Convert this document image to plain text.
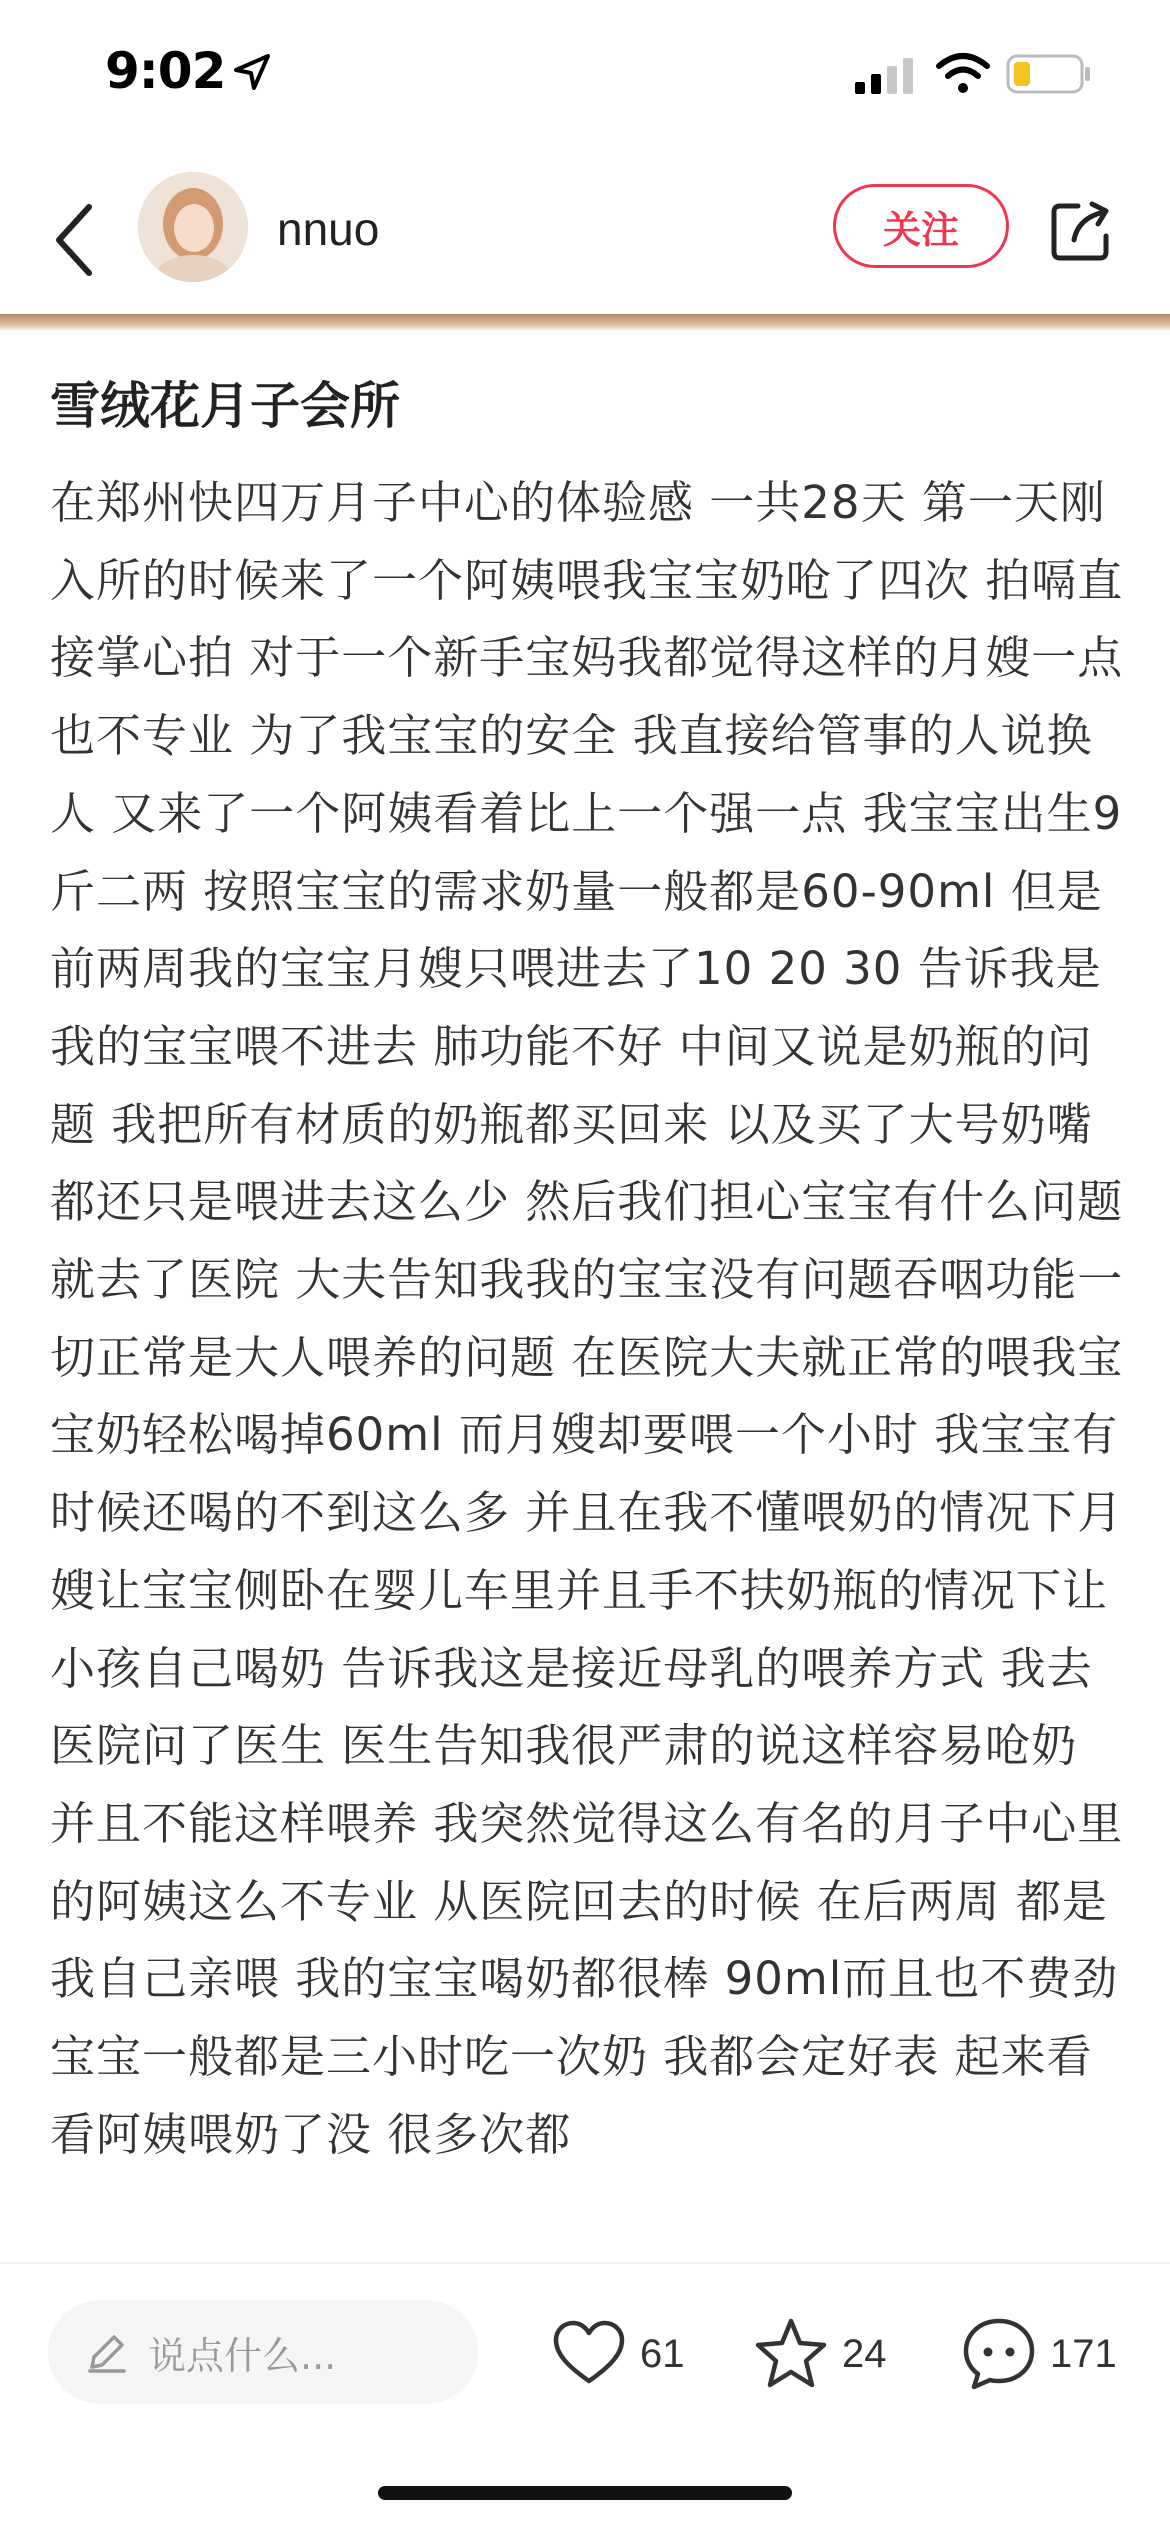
9:02
nnuo	关注
雪绒花月子会所
在郑州快四万月子中心的体验感 一共28天 第一天刚入所的时候来了一个阿姨喂我宝宝奶呛了四次 拍嗝直接掌心拍 对于一个新手宝妈我都觉得这样的月嫂一点也不专业 为了我宝宝的安全 我直接给管事的人说换人 又来了一个阿姨看着比上一个强一点 我宝宝出生9斤二两 按照宝宝的需求奶量一般都是60-90ml 但是前两周我的宝宝月嫂只喂进去了10 20 30 告诉我是我的宝宝喂不进去 肺功能不好 中间又说是奶瓶的问题 我把所有材质的奶瓶都买回来 以及买了大号奶嘴 都还只是喂进去这么少 然后我们担心宝宝有什么问题 就去了医院 大夫告知我我的宝宝没有问题吞咽功能一切正常是大人喂养的问题 在医院大夫就正常的喂我宝宝奶轻松喝掉60ml 而月嫂却要喂一个小时 我宝宝有时候还喝的不到这么多 并且在我不懂喂奶的情况下月嫂让宝宝侧卧在婴儿车里并且手不扶奶瓶的情况下让小孩自己喝奶 告诉我这是接近母乳的喂养方式 我去医院问了医生 医生告知我很严肃的说这样容易呛奶 并且不能这样喂养 我突然觉得这么有名的月子中心里的阿姨这么不专业 从医院回去的时候 在后两周 都是我自己亲喂 我的宝宝喝奶都很棒 90ml而且也不费劲 宝宝一般都是三小时吃一次奶 我都会定好表 起来看看阿姨喂奶了没 很多次都
说点什么...	61	24	171
